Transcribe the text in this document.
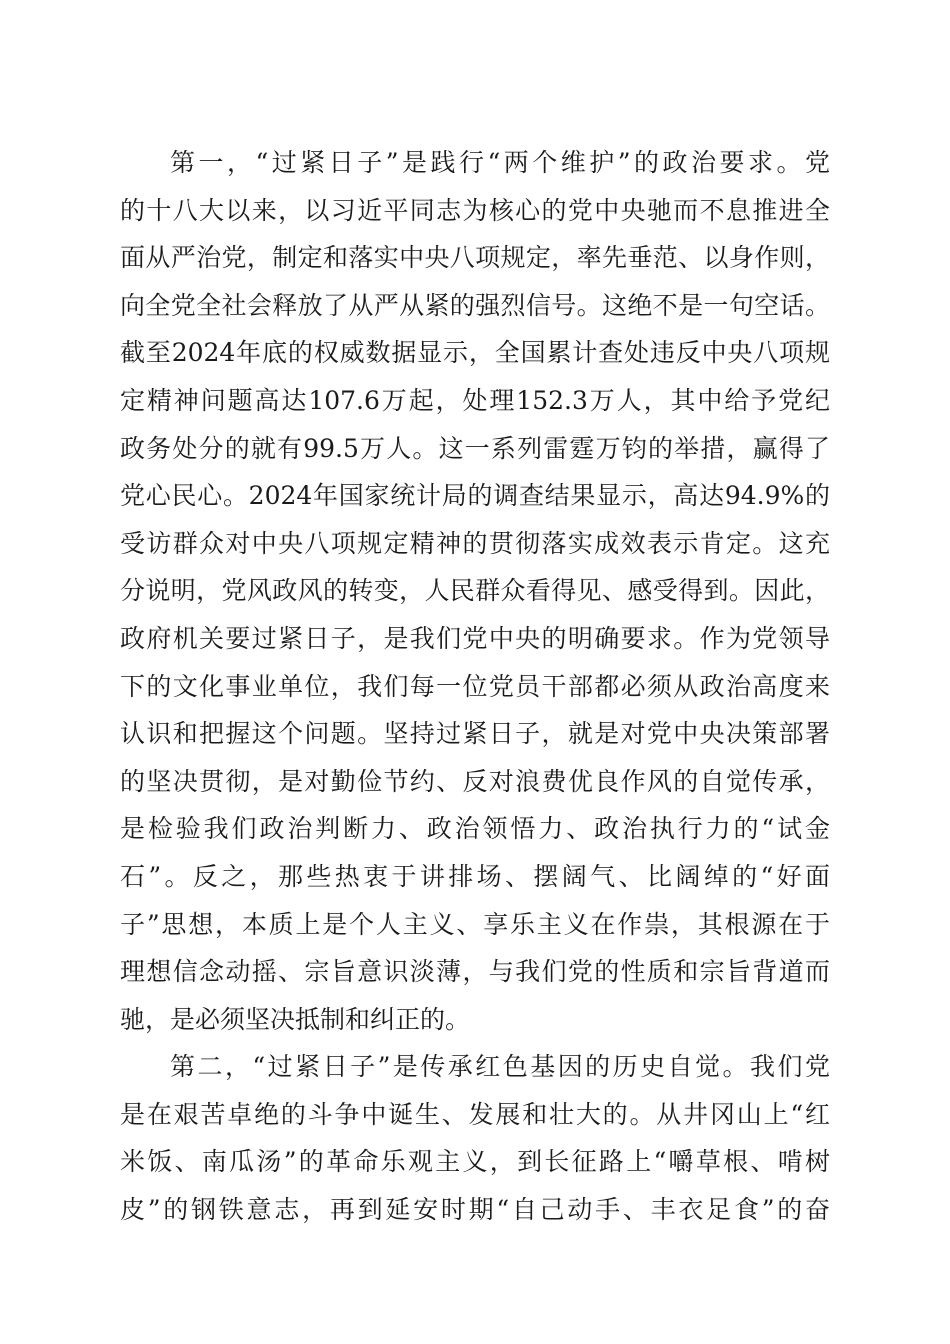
第一，“过紧日子”是践行“两个维护”的政治要求。党
的十八大以来，以习近平同志为核心的党中央驰而不息推进全
面从严治党，制定和落实中央八项规定，率先垂范、以身作则，
向全党全社会释放了从严从紧的强烈信号。这绝不是一句空话。
截至2024年底的权威数据显示，全国累计查处违反中央八项规
定精神问题高达107.6万起，处理152.3万人，其中给予党纪
政务处分的就有99.5万人。这一系列雷霆万钧的举措，赢得了
党心民心。2024年国家统计局的调查结果显示，高达94.9%的
受访群众对中央八项规定精神的贯彻落实成效表示肯定。这充
分说明，党风政风的转变，人民群众看得见、感受得到。因此，
政府机关要过紧日子，是我们党中央的明确要求。作为党领导
下的文化事业单位，我们每一位党员干部都必须从政治高度来
认识和把握这个问题。坚持过紧日子，就是对党中央决策部署
的坚决贯彻，是对勤俭节约、反对浪费优良作风的自觉传承，
是检验我们政治判断力、政治领悟力、政治执行力的“试金
石”。反之，那些热衷于讲排场、摆阔气、比阔绰的“好面
子”思想，本质上是个人主义、享乐主义在作祟，其根源在于
理想信念动摇、宗旨意识淡薄，与我们党的性质和宗旨背道而
驰，是必须坚决抵制和纠正的。
第二，“过紧日子”是传承红色基因的历史自觉。我们党
是在艰苦卓绝的斗争中诞生、发展和壮大的。从井冈山上“红
米饭、南瓜汤”的革命乐观主义，到长征路上“嚼草根、啃树
皮”的钢铁意志，再到延安时期“自己动手、丰衣足食”的奋
